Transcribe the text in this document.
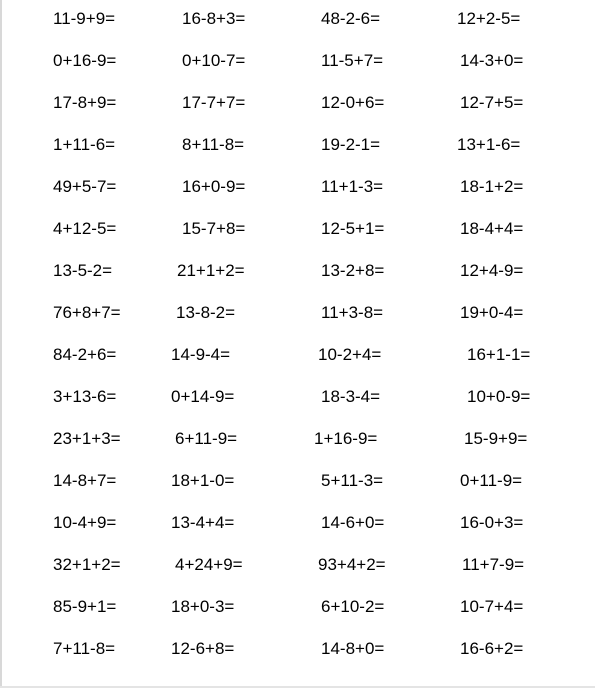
11-9+9=	16-8+3=	48-2-6=	12+2-5=
0+16-9=	0+10-7=	11-5+7=	14-3+0=
17-8+9=	17-7+7=	12-0+6=	12-7+5=
1+11-6=	8+11-8=	19-2-1=	13+1-6=
49+5-7=	16+0-9=	11+1-3=	18-1+2=
4+12-5=	15-7+8=	12-5+1=	18-4+4=
13-5-2=	21+1+2=	13-2+8=	12+4-9=
76+8+7=	13-8-2=	11+3-8=	19+0-4=
84-2+6=	14-9-4=	10-2+4=	16+1-1=
3+13-6=	0+14-9=	18-3-4=	10+0-9=
23+1+3=	6+11-9=	1+16-9=	15-9+9=
14-8+7=	18+1-0=	5+11-3=	0+11-9=
10-4+9=	13-4+4=	14-6+0=	16-0+3=
32+1+2=	4+24+9=	93+4+2=	11+7-9=
85-9+1=	18+0-3=	6+10-2=	10-7+4=
7+11-8=	12-6+8=	14-8+0=	16-6+2=
